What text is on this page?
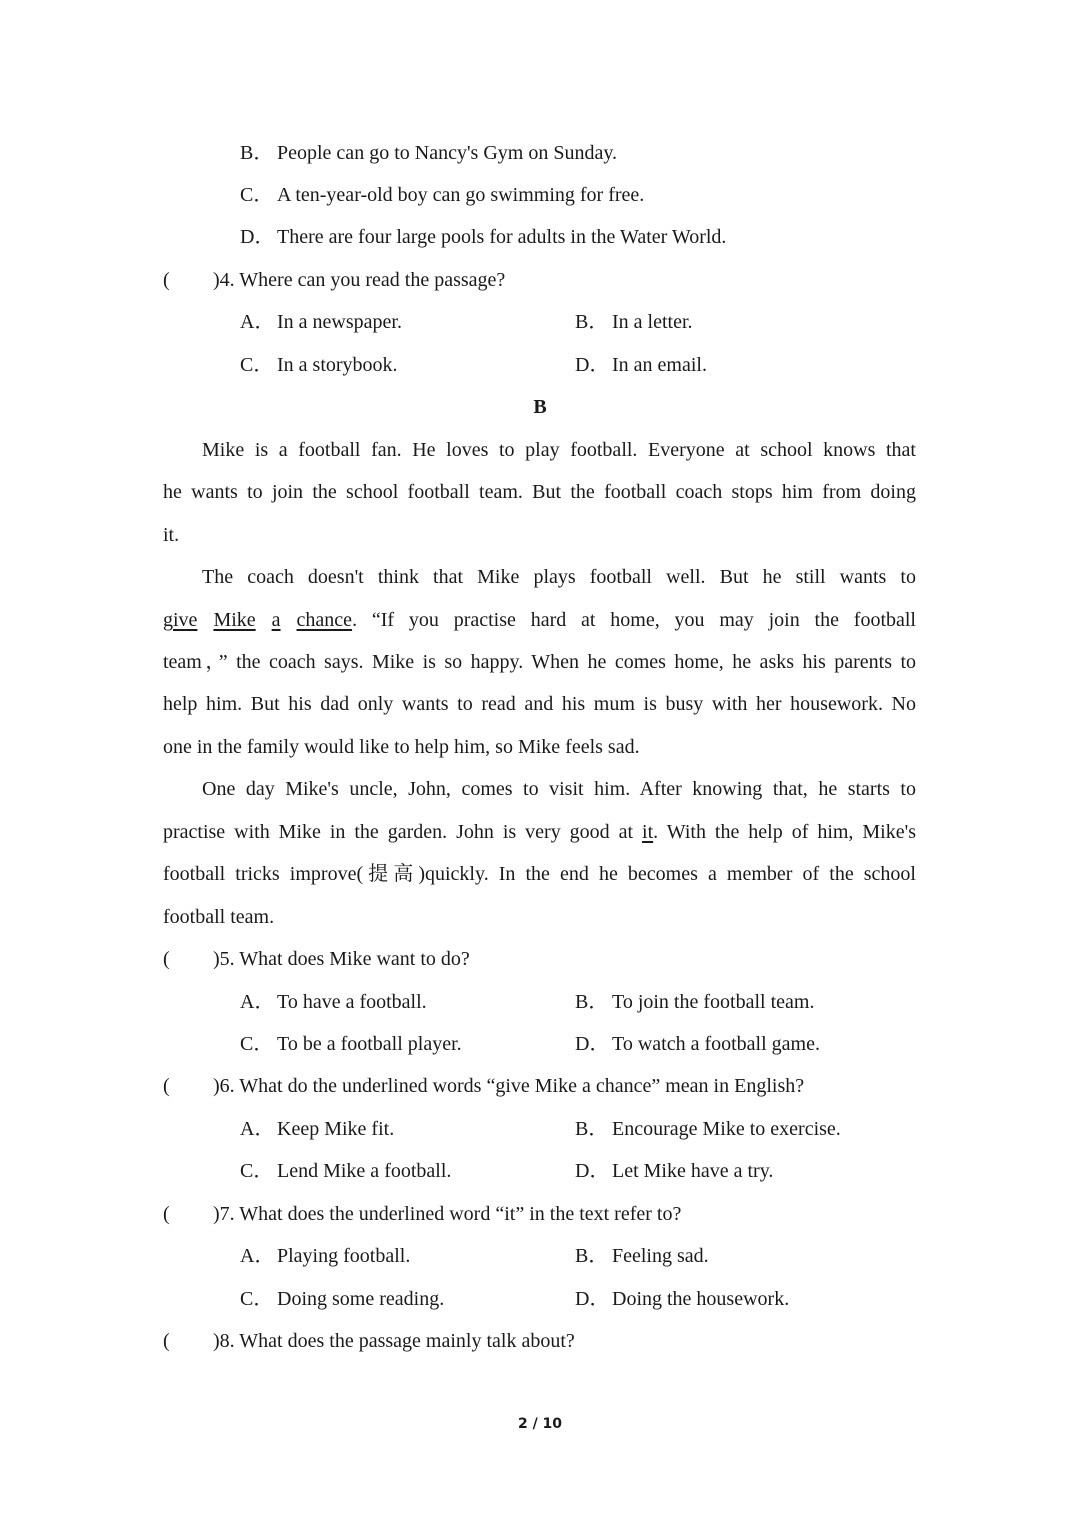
B． People can go to Nancy's Gym on Sunday.
C． A ten-year-old boy can go swimming for free.
D． There are four large pools for adults in the Water World.
( )4. Where can you read the passage?
A． In a newspaper.	B． In a letter.
C． In a storybook.	D． In an email.
B
Mike is a football fan. He loves to play football. Everyone at school knows that
he wants to join the school football team. But the football coach stops him from doing
it.
The coach doesn't think that Mike plays football well. But he still wants to
give Mike a chance. “If you practise hard at home, you may join the football
team，” the coach says. Mike is so happy. When he comes home, he asks his parents to
help him. But his dad only wants to read and his mum is busy with her housework. No
one in the family would like to help him, so Mike feels sad.
One day Mike's uncle, John, comes to visit him. After knowing that, he starts to
practise with Mike in the garden. John is very good at it. With the help of him, Mike's
football tricks improve(提高)quickly. In the end he becomes a member of the school
football team.
( )5. What does Mike want to do?
A． To have a football.	B． To join the football team.
C． To be a football player.	D． To watch a football game.
( )6. What do the underlined words “give Mike a chance” mean in English?
A． Keep Mike fit.	B． Encourage Mike to exercise.
C． Lend Mike a football.	D． Let Mike have a try.
( )7. What does the underlined word “it” in the text refer to?
A． Playing football.	B． Feeling sad.
C． Doing some reading.	D． Doing the housework.
( )8. What does the passage mainly talk about?
2 / 10
